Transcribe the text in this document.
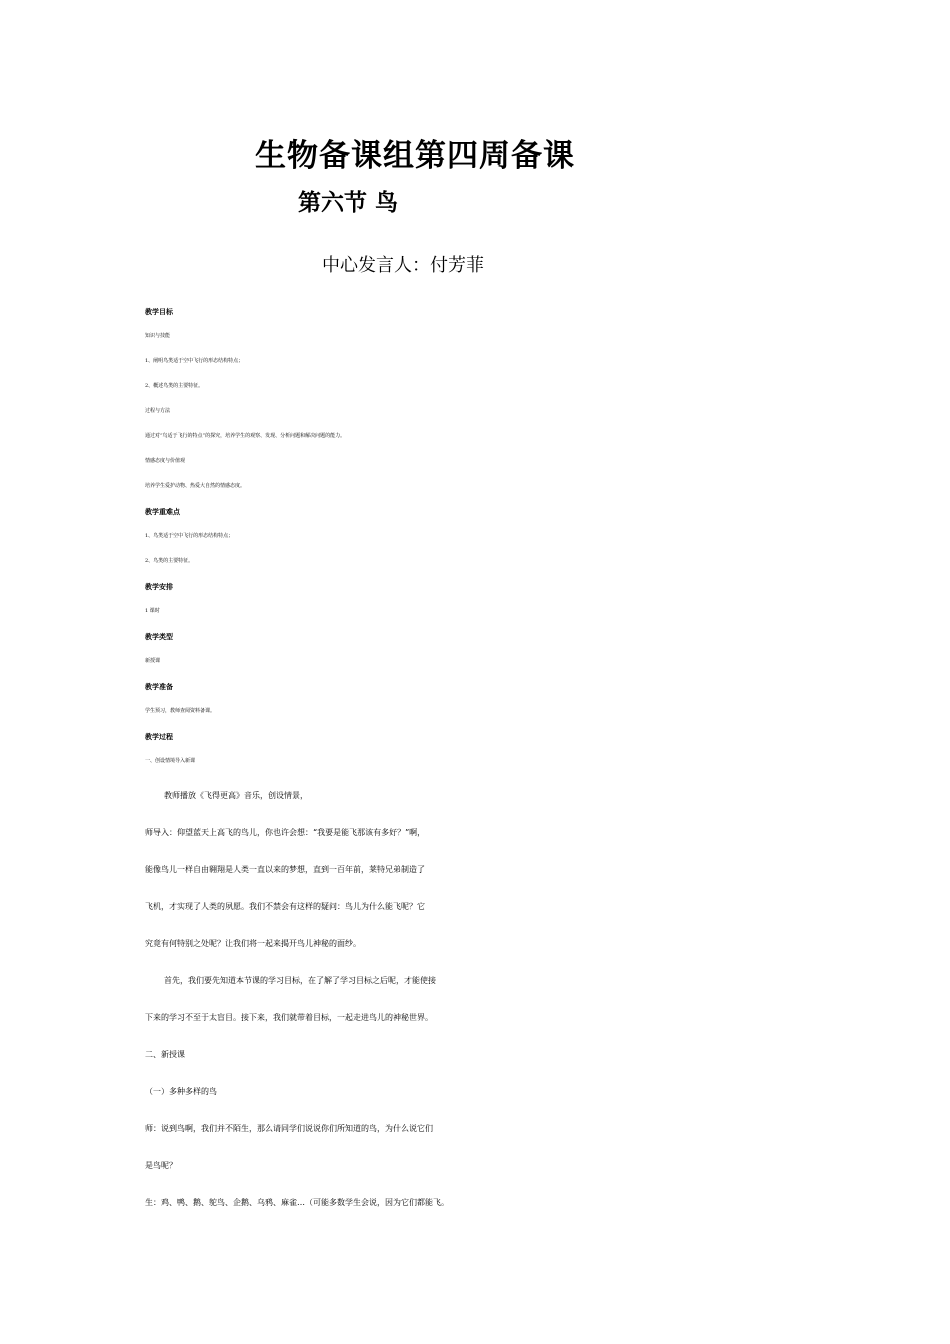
生物备课组第四周备课
第六节 鸟
中心发言人：付芳菲
教学目标
知识与技能
1、阐明鸟类适于空中飞行的形态结构特点；
2、概述鸟类的主要特征。
过程与方法
通过对“鸟适于飞行的特点”的探究，培养学生的观察、发现、分析问题和解决问题的能力。
情感态度与价值观
培养学生爱护动物、热爱大自然的情感态度。
教学重难点
1、鸟类适于空中飞行的形态结构特点；
2、鸟类的主要特征。
教学安排
1 课时
教学类型
新授课
教学准备
学生预习，教师查阅资料备课。
教学过程
一、创设情境导入新课
教师播放《飞得更高》音乐，创设情景，
师导入：仰望蓝天上高飞的鸟儿，你也许会想：“我要是能飞那该有多好？”啊，
能像鸟儿一样自由翱翔是人类一直以来的梦想，直到一百年前，莱特兄弟制造了
飞机，才实现了人类的夙愿。我们不禁会有这样的疑问：鸟儿为什么能飞呢？它
究竟有何特别之处呢？让我们将一起来揭开鸟儿神秘的面纱。
首先，我们要先知道本节课的学习目标，在了解了学习目标之后呢，才能使接
下来的学习不至于太盲目。接下来，我们就带着目标，一起走进鸟儿的神秘世界。
二、新授课
（一）多种多样的鸟
师：说到鸟啊，我们并不陌生，那么请同学们说说你们所知道的鸟，为什么说它们
是鸟呢？
生：鸡、鸭、鹅、鸵鸟、企鹅、乌鸦、麻雀…（可能多数学生会说，因为它们都能飞。
